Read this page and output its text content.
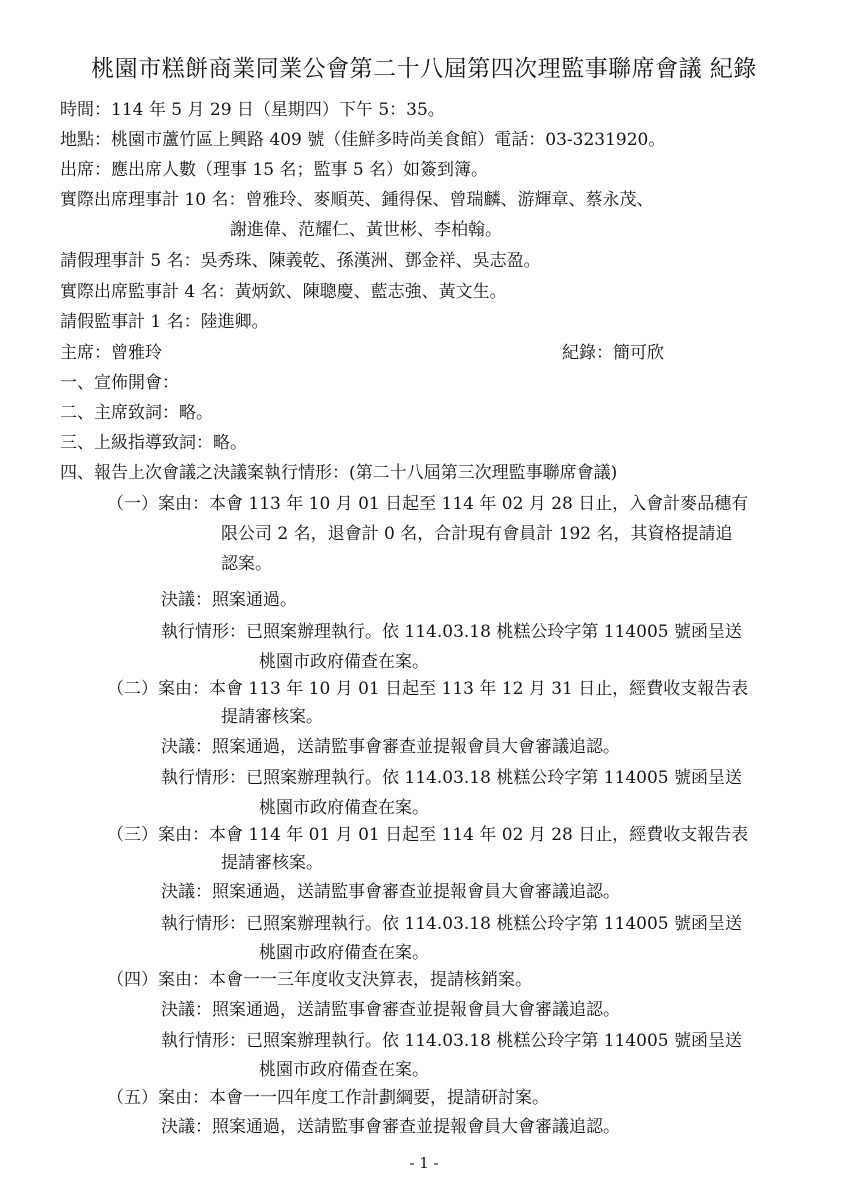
桃園市糕餅商業同業公會第二十八屆第四次理監事聯席會議 紀錄
時間：114 年 5 月 29 日（星期四）下午 5：35。
地點：桃園市蘆竹區上興路 409 號（佳鮮多時尚美食館）電話：03-3231920。
出席：應出席人數（理事 15 名；監事 5 名）如簽到簿。
實際出席理事計 10 名：曾雅玲、麥順英、鍾得保、曾瑞麟、游輝章、蔡永茂、
謝進偉、范耀仁、黃世彬、李柏翰。
請假理事計 5 名：吳秀珠、陳義乾、孫漢洲、鄧金祥、吳志盈。
實際出席監事計 4 名：黃炳欽、陳聰慶、藍志強、黃文生。
請假監事計 1 名：陸進卿。
主席：曾雅玲	紀錄：簡可欣
一、宣佈開會：
二、主席致詞：略。
三、上級指導致詞：略。
四、報告上次會議之決議案執行情形：(第二十八屆第三次理監事聯席會議)
（一）案由：本會 113 年 10 月 01 日起至 114 年 02 月 28 日止，入會計麥品穗有
限公司 2 名，退會計 0 名，合計現有會員計 192 名，其資格提請追
認案。
決議：照案通過。
執行情形：已照案辦理執行。依 114.03.18 桃糕公玲字第 114005 號函呈送
桃園市政府備查在案。
（二）案由：本會 113 年 10 月 01 日起至 113 年 12 月 31 日止，經費收支報告表
提請審核案。
決議：照案通過，送請監事會審查並提報會員大會審議追認。
執行情形：已照案辦理執行。依 114.03.18 桃糕公玲字第 114005 號函呈送
桃園市政府備查在案。
（三）案由：本會 114 年 01 月 01 日起至 114 年 02 月 28 日止，經費收支報告表
提請審核案。
決議：照案通過，送請監事會審查並提報會員大會審議追認。
執行情形：已照案辦理執行。依 114.03.18 桃糕公玲字第 114005 號函呈送
桃園市政府備查在案。
（四）案由：本會一一三年度收支決算表，提請核銷案。
決議：照案通過，送請監事會審查並提報會員大會審議追認。
執行情形：已照案辦理執行。依 114.03.18 桃糕公玲字第 114005 號函呈送
桃園市政府備查在案。
（五）案由：本會一一四年度工作計劃綱要，提請研討案。
決議：照案通過，送請監事會審查並提報會員大會審議追認。
- 1 -
